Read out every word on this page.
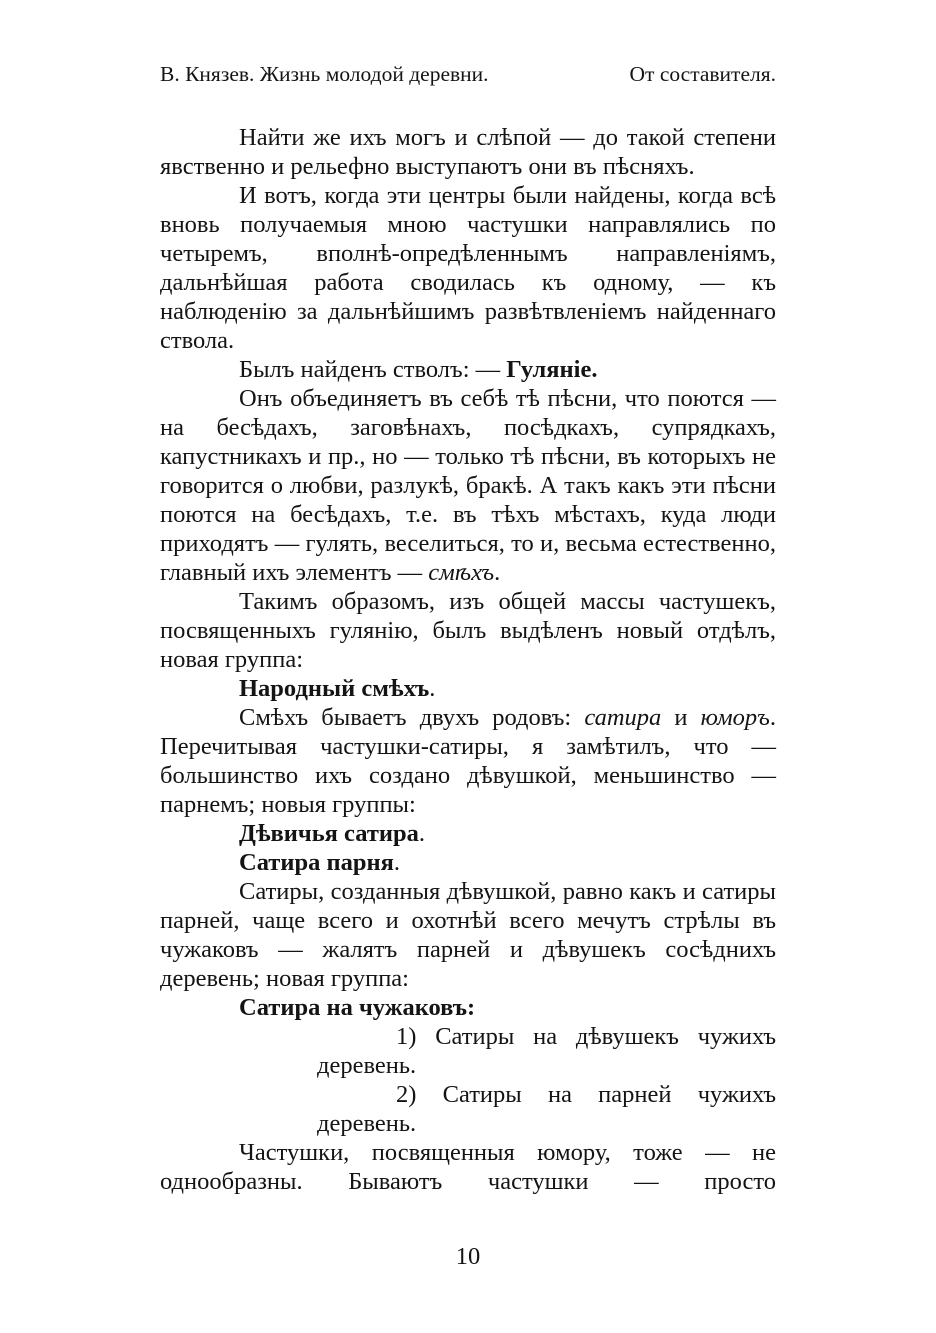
В. Князев. Жизнь молодой деревни.	От составителя.

Найти же ихъ могъ и слѣпой — до такой степени явственно и рельефно выступаютъ они въ пѣсняхъ.

И вотъ, когда эти центры были найдены, когда всѣ вновь получаемыя мною частушки направлялись по четыремъ, вполнѣ-опредѣленнымъ направленіямъ, дальнѣйшая работа сводилась къ одному, — къ наблюденію за дальнѣйшимъ развѣтвленіемъ найденнаго ствола.

Былъ найденъ стволъ: — Гуляніе.

Онъ объединяетъ въ себѣ тѣ пѣсни, что поются — на бесѣдахъ, заговѣнахъ, посѣдкахъ, супрядкахъ, капустникахъ и пр., но — только тѣ пѣсни, въ которыхъ не говорится о любви, разлукѣ, бракѣ. А такъ какъ эти пѣсни поются на бесѣдахъ, т.е. въ тѣхъ мѣстахъ, куда люди приходятъ — гулять, веселиться, то и, весьма естественно, главный ихъ элементъ — смѣхъ.

Такимъ образомъ, изъ общей массы частушекъ, посвященныхъ гулянію, былъ выдѣленъ новый отдѣлъ, новая группа:

Народный смѣхъ.

Смѣхъ бываетъ двухъ родовъ: сатира и юморъ. Перечитывая частушки-сатиры, я замѣтилъ, что — большинство ихъ создано дѣвушкой, меньшинство — парнемъ; новыя группы:

Дѣвичья сатира.

Сатира парня.

Сатиры, созданныя дѣвушкой, равно какъ и сатиры парней, чаще всего и охотнѣй всего мечутъ стрѣлы въ чужаковъ — жалятъ парней и дѣвушекъ сосѣднихъ деревень; новая группа:

Сатира на чужаковъ:

1) Сатиры на дѣвушекъ чужихъ деревень.

2) Сатиры на парней чужихъ деревень.

Частушки, посвященныя юмору, тоже — не однообразны. Бываютъ частушки — просто

10
